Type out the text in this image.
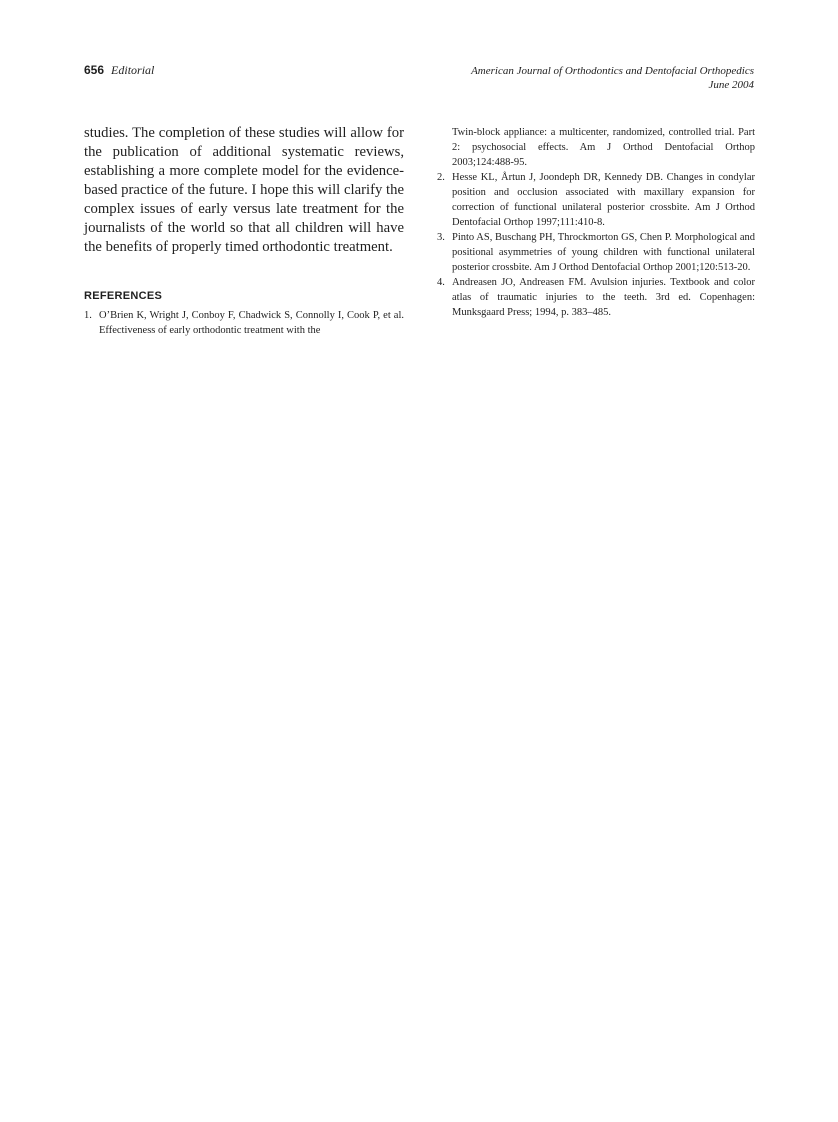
656 Editorial	American Journal of Orthodontics and Dentofacial Orthopedics
June 2004

studies. The completion of these studies will allow for the publication of additional systematic reviews, establishing a more complete model for the evidence-based practice of the future. I hope this will clarify the complex issues of early versus late treatment for the journalists of the world so that all children will have the benefits of properly timed orthodontic treatment.

REFERENCES
1. O’Brien K, Wright J, Conboy F, Chadwick S, Connolly I, Cook P, et al. Effectiveness of early orthodontic treatment with the
Twin-block appliance: a multicenter, randomized, controlled trial. Part 2: psychosocial effects. Am J Orthod Dentofacial Orthop 2003;124:488-95.
2. Hesse KL, Årtun J, Joondeph DR, Kennedy DB. Changes in condylar position and occlusion associated with maxillary expansion for correction of functional unilateral posterior crossbite. Am J Orthod Dentofacial Orthop 1997;111:410-8.
3. Pinto AS, Buschang PH, Throckmorton GS, Chen P. Morphological and positional asymmetries of young children with functional unilateral posterior crossbite. Am J Orthod Dentofacial Orthop 2001;120:513-20.
4. Andreasen JO, Andreasen FM. Avulsion injuries. Textbook and color atlas of traumatic injuries to the teeth. 3rd ed. Copenhagen: Munksgaard Press; 1994, p. 383–485.
